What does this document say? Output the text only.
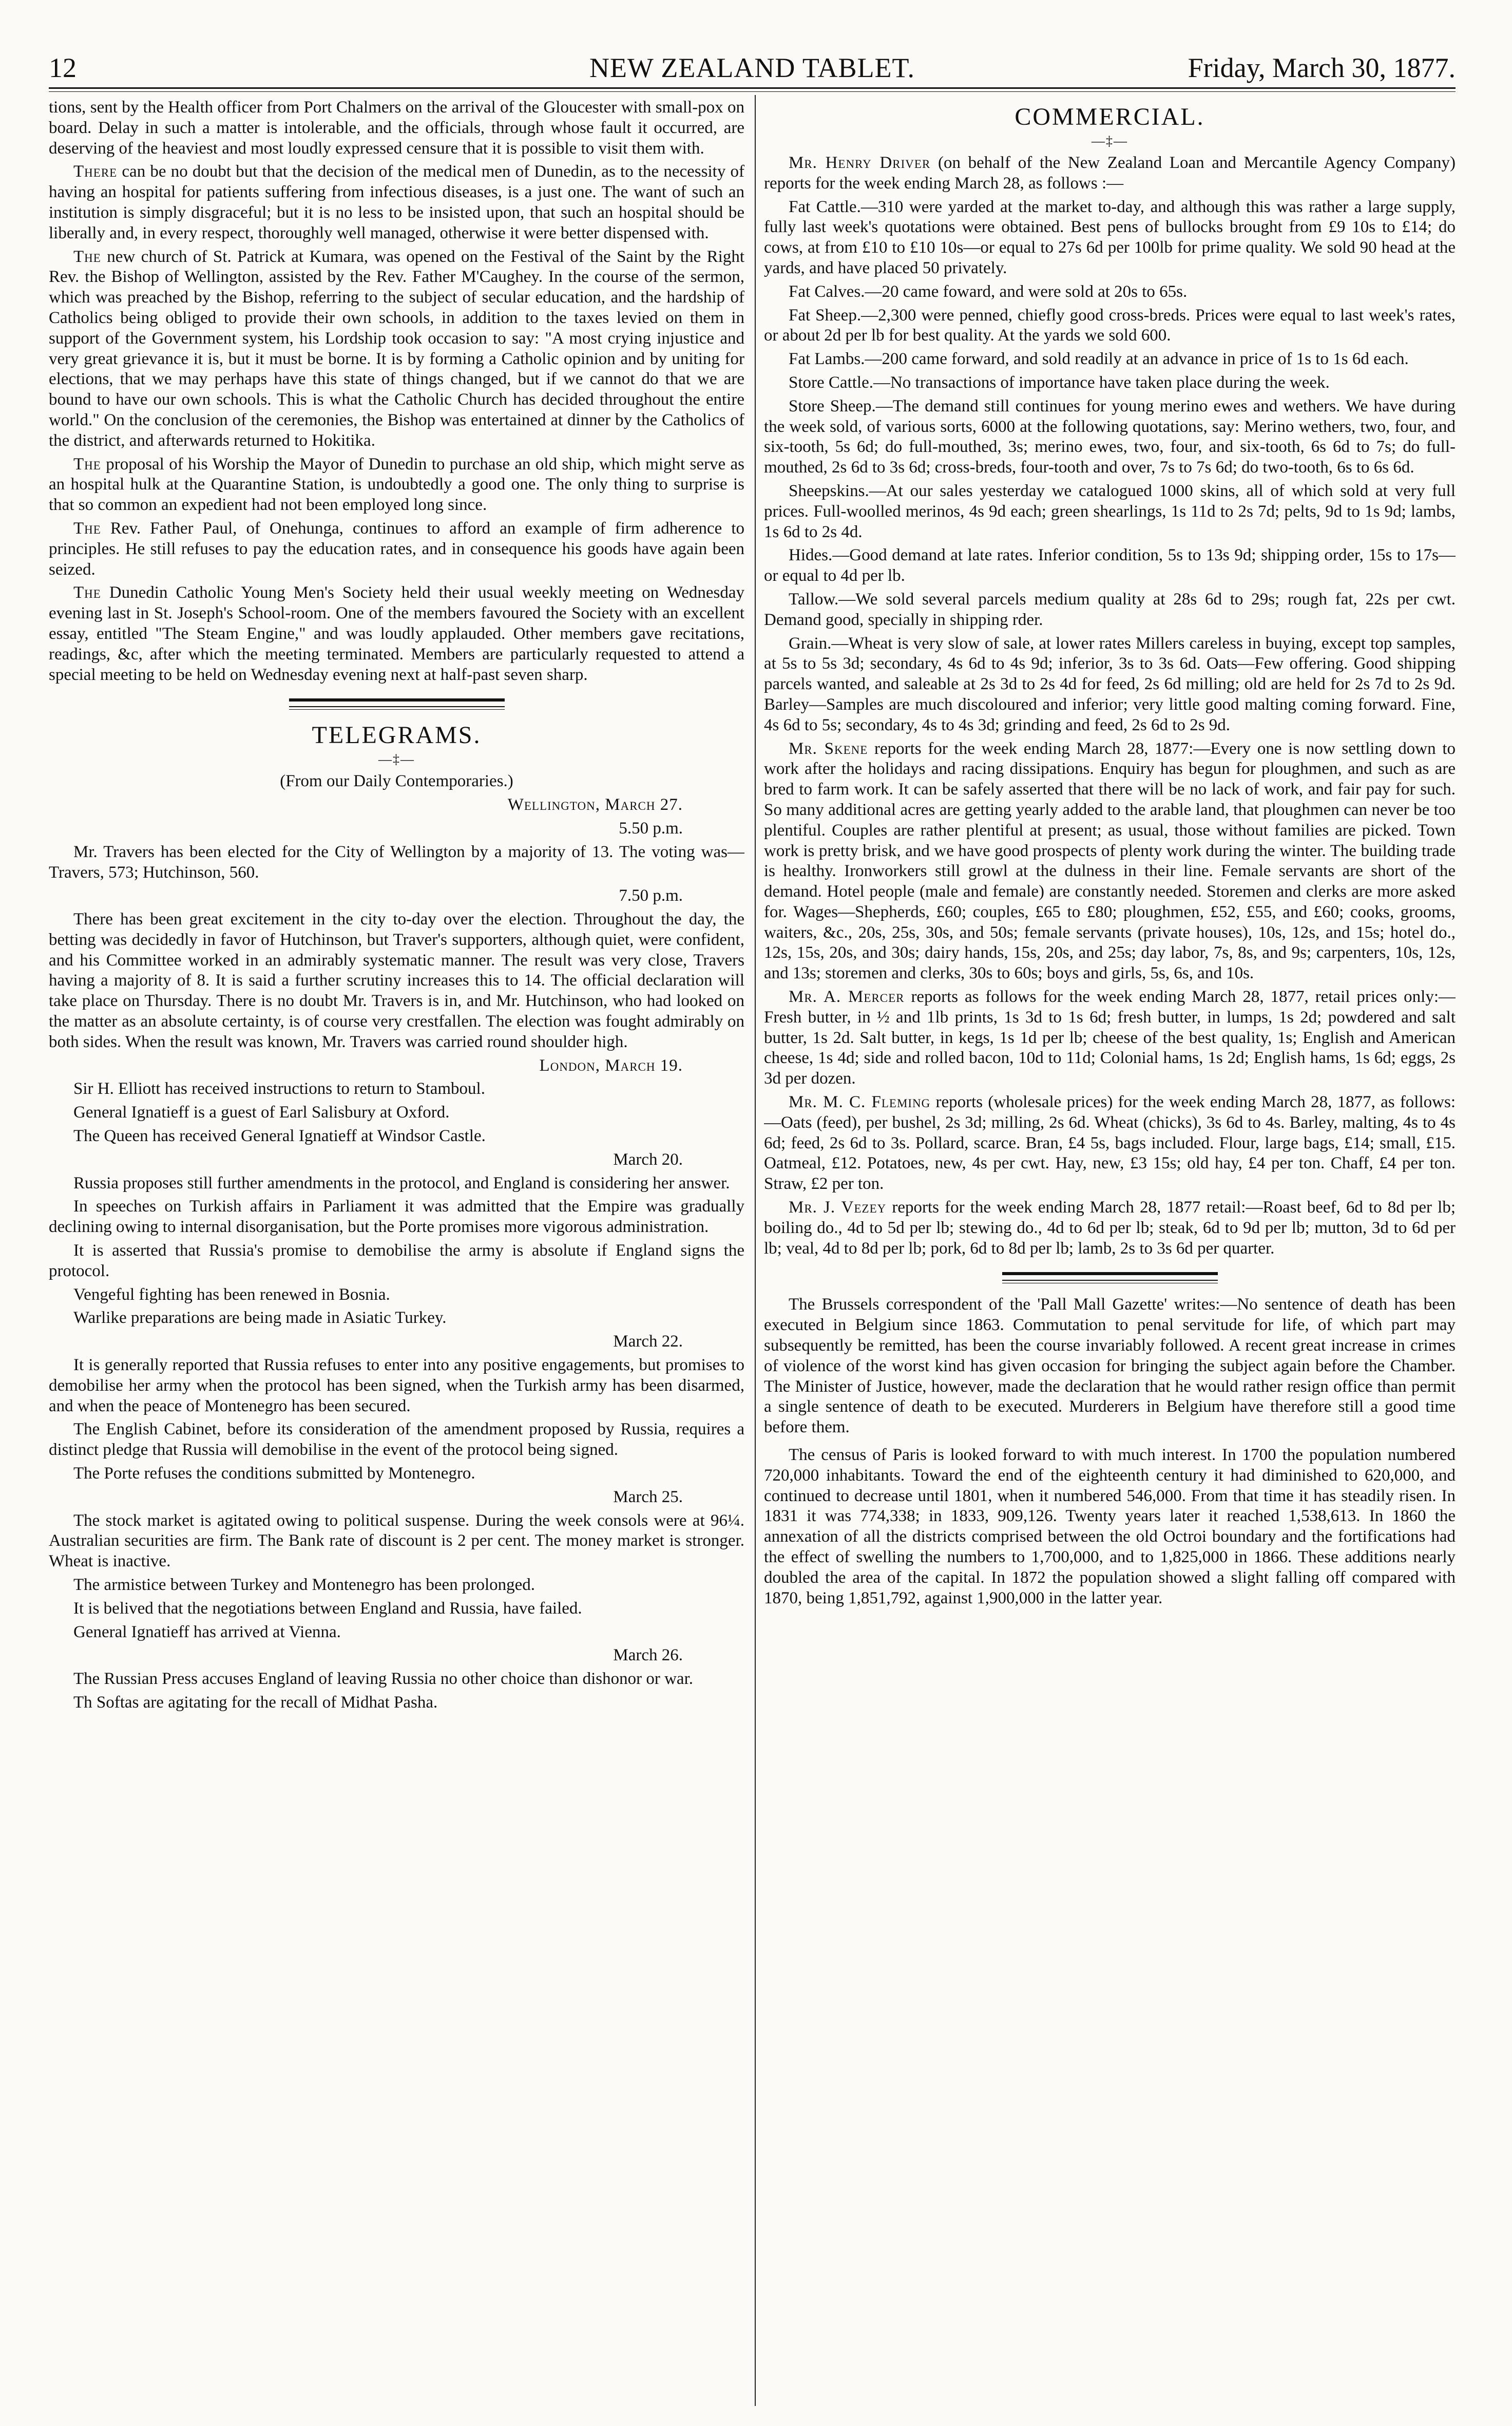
12	NEW ZEALAND TABLET.	Friday, March 30, 1877.

tions, sent by the Health officer from Port Chalmers on the arrival of the Gloucester with small-pox on board. Delay in such a matter is intolerable, and the officials, through whose fault it occurred, are deserving of the heaviest and most loudly expressed censure that it is possible to visit them with.

There can be no doubt but that the decision of the medical men of Dunedin, as to the necessity of having an hospital for patients suffering from infectious diseases, is a just one. The want of such an institution is simply disgraceful; but it is no less to be insisted upon, that such an hospital should be liberally and, in every respect, thoroughly well managed, otherwise it were better dispensed with.

The new church of St. Patrick at Kumara, was opened on the Festival of the Saint by the Right Rev. the Bishop of Wellington, assisted by the Rev. Father M'Caughey. In the course of the sermon, which was preached by the Bishop, referring to the subject of secular education, and the hardship of Catholics being obliged to provide their own schools, in addition to the taxes levied on them in support of the Government system, his Lordship took occasion to say: "A most crying injustice and very great grievance it is, but it must be borne. It is by forming a Catholic opinion and by uniting for elections, that we may perhaps have this state of things changed, but if we cannot do that we are bound to have our own schools. This is what the Catholic Church has decided throughout the entire world." On the conclusion of the ceremonies, the Bishop was entertained at dinner by the Catholics of the district, and afterwards returned to Hokitika.

The proposal of his Worship the Mayor of Dunedin to purchase an old ship, which might serve as an hospital hulk at the Quarantine Station, is undoubtedly a good one. The only thing to surprise is that so common an expedient had not been employed long since.

The Rev. Father Paul, of Onehunga, continues to afford an example of firm adherence to principles. He still refuses to pay the education rates, and in consequence his goods have again been seized.

The Dunedin Catholic Young Men's Society held their usual weekly meeting on Wednesday evening last in St. Joseph's School-room. One of the members favoured the Society with an excellent essay, entitled "The Steam Engine," and was loudly applauded. Other members gave recitations, readings, &c, after which the meeting terminated. Members are particularly requested to attend a special meeting to be held on Wednesday evening next at half-past seven sharp.

TELEGRAMS.
—‡—

(From our Daily Contemporaries.)

Wellington, March 27.

5.50 p.m.

Mr. Travers has been elected for the City of Wellington by a majority of 13. The voting was—Travers, 573; Hutchinson, 560.

7.50 p.m.

There has been great excitement in the city to-day over the election. Throughout the day, the betting was decidedly in favor of Hutchinson, but Traver's supporters, although quiet, were confident, and his Committee worked in an admirably systematic manner. The result was very close, Travers having a majority of 8. It is said a further scrutiny increases this to 14. The official declaration will take place on Thursday. There is no doubt Mr. Travers is in, and Mr. Hutchinson, who had looked on the matter as an absolute certainty, is of course very crestfallen. The election was fought admirably on both sides. When the result was known, Mr. Travers was carried round shoulder high.

London, March 19.

Sir H. Elliott has received instructions to return to Stamboul.

General Ignatieff is a guest of Earl Salisbury at Oxford.

The Queen has received General Ignatieff at Windsor Castle.

March 20.

Russia proposes still further amendments in the protocol, and England is considering her answer.

In speeches on Turkish affairs in Parliament it was admitted that the Empire was gradually declining owing to internal disorganisation, but the Porte promises more vigorous administration.

It is asserted that Russia's promise to demobilise the army is absolute if England signs the protocol.

Vengeful fighting has been renewed in Bosnia.

Warlike preparations are being made in Asiatic Turkey.

March 22.

It is generally reported that Russia refuses to enter into any positive engagements, but promises to demobilise her army when the protocol has been signed, when the Turkish army has been disarmed, and when the peace of Montenegro has been secured.

The English Cabinet, before its consideration of the amendment proposed by Russia, requires a distinct pledge that Russia will demobilise in the event of the protocol being signed.

The Porte refuses the conditions submitted by Montenegro.

March 25.

The stock market is agitated owing to political suspense. During the week consols were at 96¼. Australian securities are firm. The Bank rate of discount is 2 per cent. The money market is stronger. Wheat is inactive.

The armistice between Turkey and Montenegro has been prolonged.

It is belived that the negotiations between England and Russia, have failed.

General Ignatieff has arrived at Vienna.

March 26.

The Russian Press accuses England of leaving Russia no other choice than dishonor or war.

Th Softas are agitating for the recall of Midhat Pasha.

COMMERCIAL.
—‡—

Mr. Henry Driver (on behalf of the New Zealand Loan and Mercantile Agency Company) reports for the week ending March 28, as follows :—

Fat Cattle.—310 were yarded at the market to-day, and although this was rather a large supply, fully last week's quotations were obtained. Best pens of bullocks brought from £9 10s to £14; do cows, at from £10 to £10 10s—or equal to 27s 6d per 100lb for prime quality. We sold 90 head at the yards, and have placed 50 privately.

Fat Calves.—20 came foward, and were sold at 20s to 65s.

Fat Sheep.—2,300 were penned, chiefly good cross-breds. Prices were equal to last week's rates, or about 2d per lb for best quality. At the yards we sold 600.

Fat Lambs.—200 came forward, and sold readily at an advance in price of 1s to 1s 6d each.

Store Cattle.—No transactions of importance have taken place during the week.

Store Sheep.—The demand still continues for young merino ewes and wethers. We have during the week sold, of various sorts, 6000 at the following quotations, say: Merino wethers, two, four, and six-tooth, 5s 6d; do full-mouthed, 3s; merino ewes, two, four, and six-tooth, 6s 6d to 7s; do full-mouthed, 2s 6d to 3s 6d; cross-breds, four-tooth and over, 7s to 7s 6d; do two-tooth, 6s to 6s 6d.

Sheepskins.—At our sales yesterday we catalogued 1000 skins, all of which sold at very full prices. Full-woolled merinos, 4s 9d each; green shearlings, 1s 11d to 2s 7d; pelts, 9d to 1s 9d; lambs, 1s 6d to 2s 4d.

Hides.—Good demand at late rates. Inferior condition, 5s to 13s 9d; shipping order, 15s to 17s—or equal to 4d per lb.

Tallow.—We sold several parcels medium quality at 28s 6d to 29s; rough fat, 22s per cwt. Demand good, specially in shipping rder.

Grain.—Wheat is very slow of sale, at lower rates Millers careless in buying, except top samples, at 5s to 5s 3d; secondary, 4s 6d to 4s 9d; inferior, 3s to 3s 6d. Oats—Few offering. Good shipping parcels wanted, and saleable at 2s 3d to 2s 4d for feed, 2s 6d milling; old are held for 2s 7d to 2s 9d. Barley—Samples are much discoloured and inferior; very little good malting coming forward. Fine, 4s 6d to 5s; secondary, 4s to 4s 3d; grinding and feed, 2s 6d to 2s 9d.

Mr. Skene reports for the week ending March 28, 1877:—Every one is now settling down to work after the holidays and racing dissipations. Enquiry has begun for ploughmen, and such as are bred to farm work. It can be safely asserted that there will be no lack of work, and fair pay for such. So many additional acres are getting yearly added to the arable land, that ploughmen can never be too plentiful. Couples are rather plentiful at present; as usual, those without families are picked. Town work is pretty brisk, and we have good prospects of plenty work during the winter. The building trade is healthy. Ironworkers still growl at the dulness in their line. Female servants are short of the demand. Hotel people (male and female) are constantly needed. Storemen and clerks are more asked for. Wages—Shepherds, £60; couples, £65 to £80; ploughmen, £52, £55, and £60; cooks, grooms, waiters, &c., 20s, 25s, 30s, and 50s; female servants (private houses), 10s, 12s, and 15s; hotel do., 12s, 15s, 20s, and 30s; dairy hands, 15s, 20s, and 25s; day labor, 7s, 8s, and 9s; carpenters, 10s, 12s, and 13s; storemen and clerks, 30s to 60s; boys and girls, 5s, 6s, and 10s.

Mr. A. Mercer reports as follows for the week ending March 28, 1877, retail prices only:—Fresh butter, in ½ and 1lb prints, 1s 3d to 1s 6d; fresh butter, in lumps, 1s 2d; powdered and salt butter, 1s 2d. Salt butter, in kegs, 1s 1d per lb; cheese of the best quality, 1s; English and American cheese, 1s 4d; side and rolled bacon, 10d to 11d; Colonial hams, 1s 2d; English hams, 1s 6d; eggs, 2s 3d per dozen.

Mr. M. C. Fleming reports (wholesale prices) for the week ending March 28, 1877, as follows:—Oats (feed), per bushel, 2s 3d; milling, 2s 6d. Wheat (chicks), 3s 6d to 4s. Barley, malting, 4s to 4s 6d; feed, 2s 6d to 3s. Pollard, scarce. Bran, £4 5s, bags included. Flour, large bags, £14; small, £15. Oatmeal, £12. Potatoes, new, 4s per cwt. Hay, new, £3 15s; old hay, £4 per ton. Chaff, £4 per ton. Straw, £2 per ton.

Mr. J. Vezey reports for the week ending March 28, 1877 retail:—Roast beef, 6d to 8d per lb; boiling do., 4d to 5d per lb; stewing do., 4d to 6d per lb; steak, 6d to 9d per lb; mutton, 3d to 6d per lb; veal, 4d to 8d per lb; pork, 6d to 8d per lb; lamb, 2s to 3s 6d per quarter.

The Brussels correspondent of the 'Pall Mall Gazette' writes:—No sentence of death has been executed in Belgium since 1863. Commutation to penal servitude for life, of which part may subsequently be remitted, has been the course invariably followed. A recent great increase in crimes of violence of the worst kind has given occasion for bringing the subject again before the Chamber. The Minister of Justice, however, made the declaration that he would rather resign office than permit a single sentence of death to be executed. Murderers in Belgium have therefore still a good time before them.

The census of Paris is looked forward to with much interest. In 1700 the population numbered 720,000 inhabitants. Toward the end of the eighteenth century it had diminished to 620,000, and continued to decrease until 1801, when it numbered 546,000. From that time it has steadily risen. In 1831 it was 774,338; in 1833, 909,126. Twenty years later it reached 1,538,613. In 1860 the annexation of all the districts comprised between the old Octroi boundary and the fortifications had the effect of swelling the numbers to 1,700,000, and to 1,825,000 in 1866. These additions nearly doubled the area of the capital. In 1872 the population showed a slight falling off compared with 1870, being 1,851,792, against 1,900,000 in the latter year.
